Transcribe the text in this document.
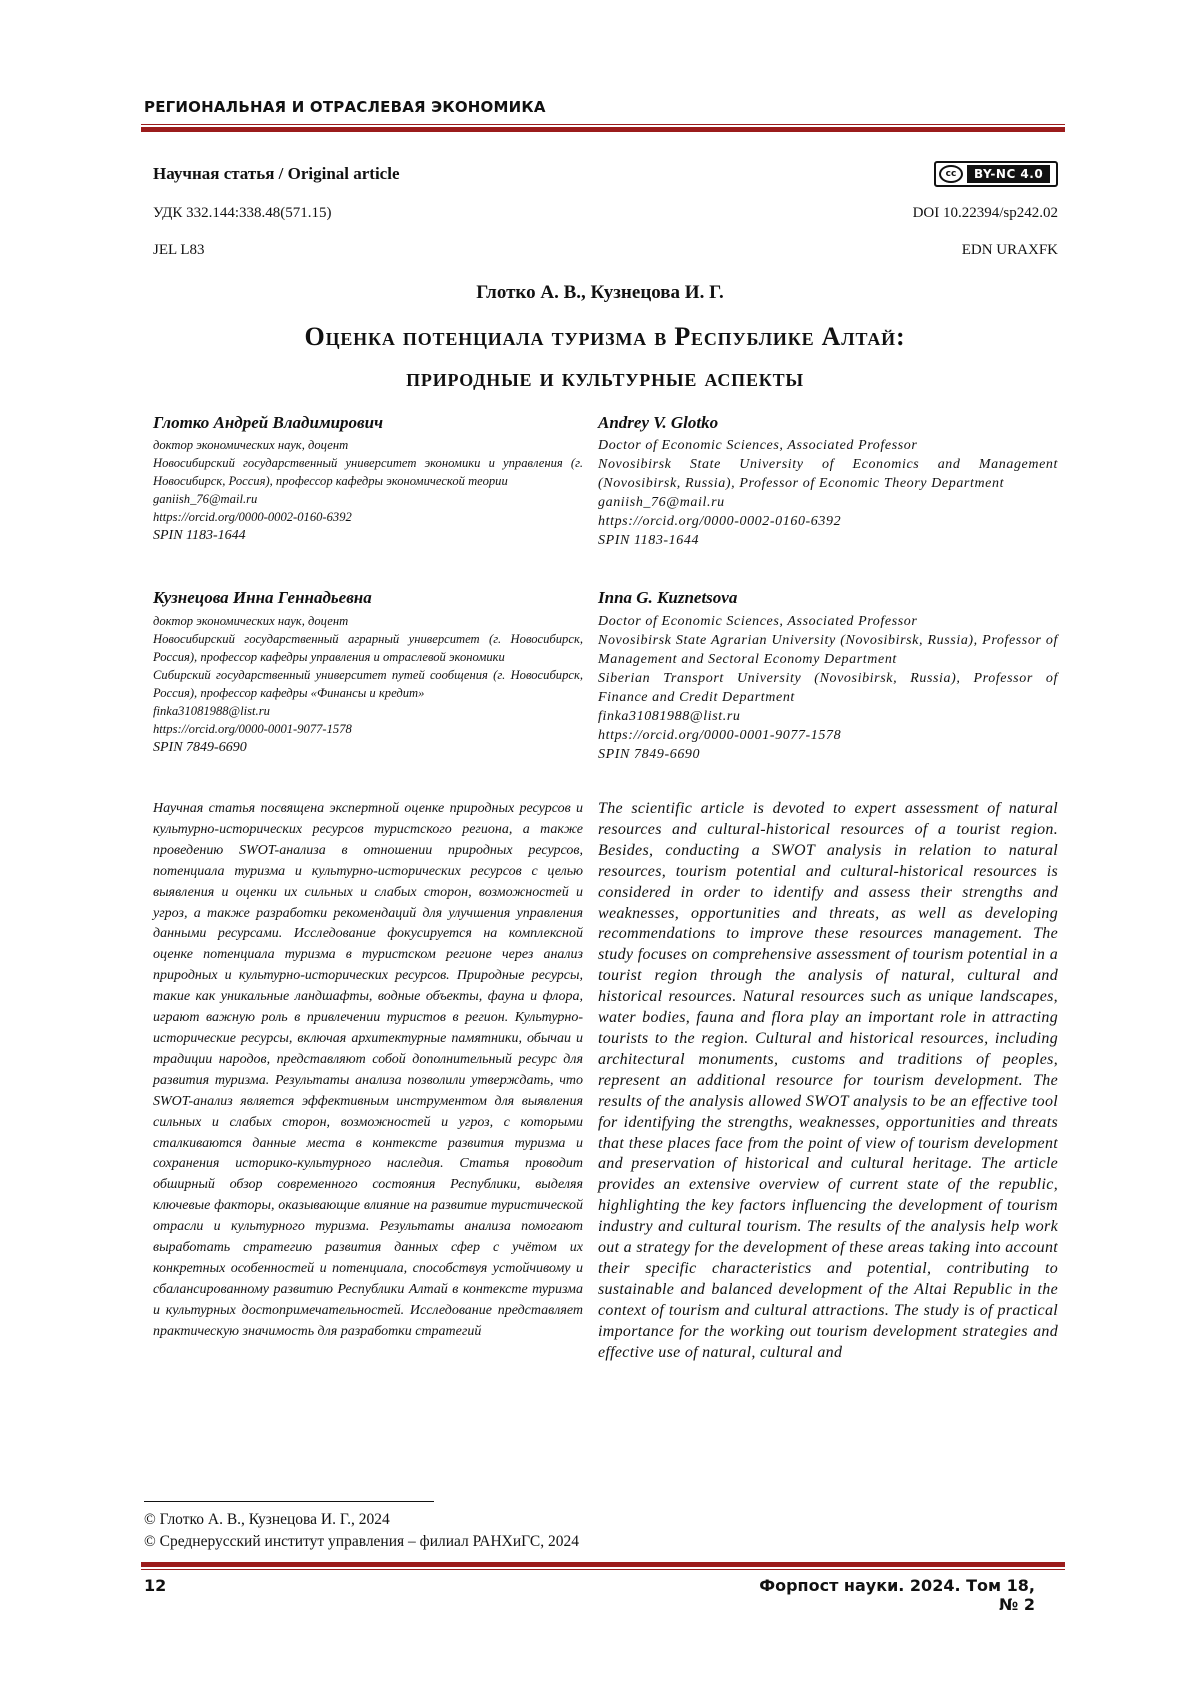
РЕГИОНАЛЬНАЯ И ОТРАСЛЕВАЯ ЭКОНОМИКА
Научная статья / Original article	cc	BY-NC 4.0
УДК 332.144:338.48(571.15)	DOI 10.22394/sp242.02
JEL L83	EDN URAXFK
Глотко А. В., Кузнецова И. Г.
Оценка потенциала туризма в Республике Алтай:
природные и культурные аспекты
Глотко Андрей Владимирович

доктор экономических наук, доцент

Новосибирский государственный университет экономики и управления (г. Новосибирск, Россия), профессор кафедры экономической теории

ganiish_76@mail.ru

https://orcid.org/0000-0002-0160-6392

SPIN 1183-1644

Andrey V. Glotko

Doctor of Economic Sciences, Associated Professor

Novosibirsk State University of Economics and Management (Novosibirsk, Russia), Professor of Economic Theory Department

ganiish_76@mail.ru

https://orcid.org/0000-0002-0160-6392

SPIN 1183-1644

Кузнецова Инна Геннадьевна

доктор экономических наук, доцент

Новосибирский государственный аграрный университет (г. Новосибирск, Россия), профессор кафедры управления и отраслевой экономики

Сибирский государственный университет путей сообщения (г. Новосибирск, Россия), профессор кафедры «Финансы и кредит»

finka31081988@list.ru

https://orcid.org/0000-0001-9077-1578

SPIN 7849-6690

Inna G. Kuznetsova

Doctor of Economic Sciences, Associated Professor

Novosibirsk State Agrarian University (Novosibirsk, Russia), Professor of Management and Sectoral Economy Department

Siberian Transport University (Novosibirsk, Russia), Professor of Finance and Credit Department

finka31081988@list.ru

https://orcid.org/0000-0001-9077-1578

SPIN 7849-6690

Научная статья посвящена экспертной оценке природных ресурсов и культурно-исторических ресурсов туристского региона, а также проведению SWOT-анализа в отношении природных ресурсов, потенциала туризма и культурно-исторических ресурсов с целью выявления и оценки их сильных и слабых сторон, возможностей и угроз, а также разработки рекомендаций для улучшения управления данными ресурсами. Исследование фокусируется на комплексной оценке потенциала туризма в туристском регионе через анализ природных и культурно-исторических ресурсов. Природные ресурсы, такие как уникальные ландшафты, водные объекты, фауна и флора, играют важную роль в привлечении туристов в регион. Культурно-исторические ресурсы, включая архитектурные памятники, обычаи и традиции народов, представляют собой дополнительный ресурс для развития туризма. Результаты анализа позволили утверждать, что SWOT-анализ является эффективным инструментом для выявления сильных и слабых сторон, возможностей и угроз, с которыми сталкиваются данные места в контексте развития туризма и сохранения историко-культурного наследия. Статья проводит обширный обзор современного состояния Республики, выделяя ключевые факторы, оказывающие влияние на развитие туристической отрасли и культурного туризма. Результаты анализа помогают выработать стратегию развития данных сфер с учётом их конкретных особенностей и потенциала, способствуя устойчивому и сбалансированному развитию Республики Алтай в контексте туризма и культурных достопримечательностей. Исследование представляет практическую значимость для разработки стратегий

The scientific article is devoted to expert assessment of natural resources and cultural-historical resources of a tourist region. Besides, conducting a SWOT analysis in relation to natural resources, tourism potential and cultural-historical resources is considered in order to identify and assess their strengths and weaknesses, opportunities and threats, as well as developing recommendations to improve these resources management. The study focuses on comprehensive assessment of tourism potential in a tourist region through the analysis of natural, cultural and historical resources. Natural resources such as unique landscapes, water bodies, fauna and flora play an important role in attracting tourists to the region. Cultural and historical resources, including architectural monuments, customs and traditions of peoples, represent an additional resource for tourism development. The results of the analysis allowed SWOT analysis to be an effective tool for identifying the strengths, weaknesses, opportunities and threats that these places face from the point of view of tourism development and preservation of historical and cultural heritage. The article provides an extensive overview of current state of the republic, highlighting the key factors influencing the development of tourism industry and cultural tourism. The results of the analysis help work out a strategy for the development of these areas taking into account their specific characteristics and potential, contributing to sustainable and balanced development of the Altai Republic in the context of tourism and cultural attractions. The study is of practical importance for the working out tourism development strategies and effective use of natural, cultural and

© Глотко А. В., Кузнецова И. Г., 2024
© Среднерусский институт управления – филиал РАНХиГС, 2024
12	Форпост науки. 2024. Том 18, № 2
